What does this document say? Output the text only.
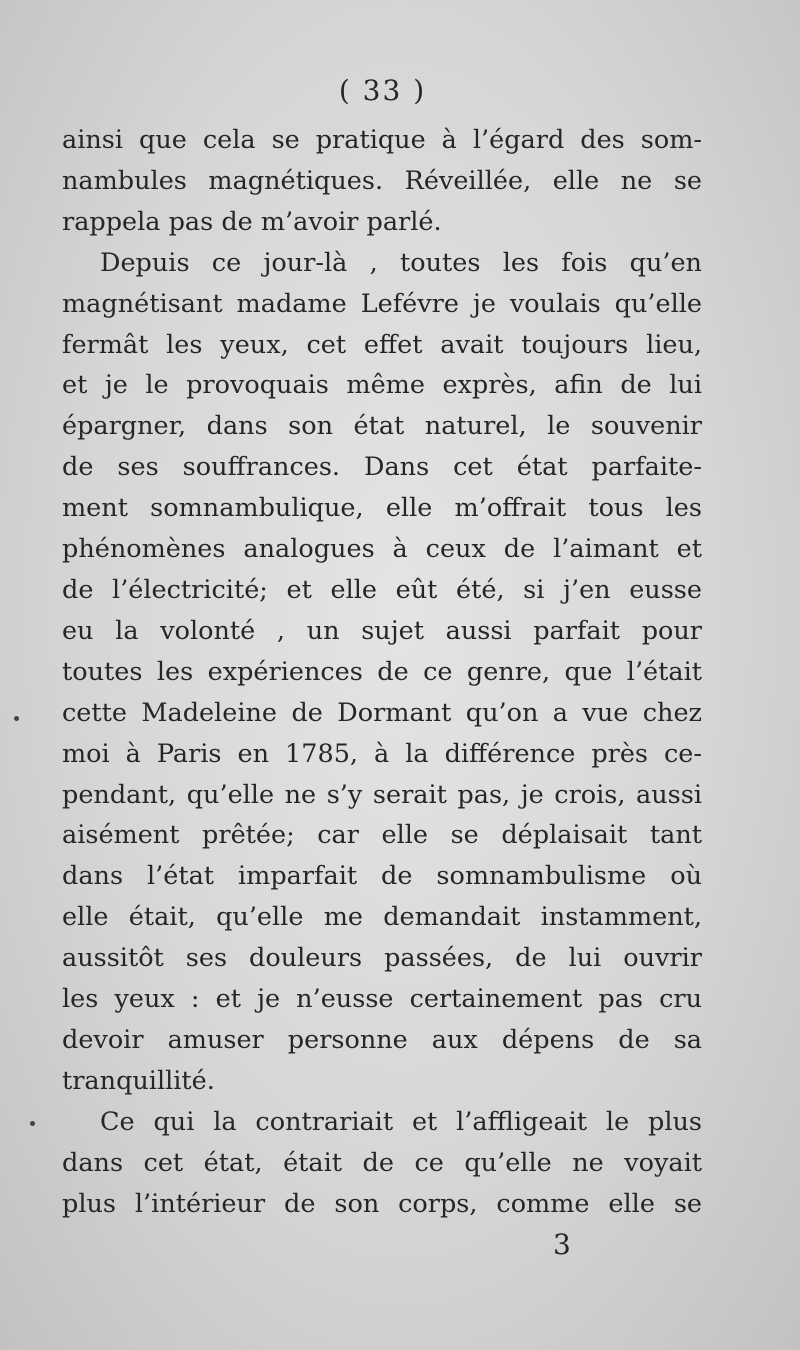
( 33 )
ainsi que cela se pratique à l’égard des som-
nambules magnétiques. Réveillée, elle ne se
rappela pas de m’avoir parlé.
Depuis ce jour-là , toutes les fois qu’en
magnétisant madame Lefévre je voulais qu’elle
fermât les yeux, cet effet avait toujours lieu,
et je le provoquais même exprès, afin de lui
épargner, dans son état naturel, le souvenir
de ses souffrances. Dans cet état parfaite-
ment somnambulique, elle m’offrait tous les
phénomènes analogues à ceux de l’aimant et
de l’électricité; et elle eût été, si j’en eusse
eu la volonté , un sujet aussi parfait pour
toutes les expériences de ce genre, que l’était
cette Madeleine de Dormant qu’on a vue chez
moi à Paris en 1785, à la différence près ce-
pendant, qu’elle ne s’y serait pas, je crois, aussi
aisément prêtée; car elle se déplaisait tant
dans l’état imparfait de somnambulisme où
elle était, qu’elle me demandait instamment,
aussitôt ses douleurs passées, de lui ouvrir
les yeux : et je n’eusse certainement pas cru
devoir amuser personne aux dépens de sa
tranquillité.
Ce qui la contrariait et l’affligeait le plus
dans cet état, était de ce qu’elle ne voyait
plus l’intérieur de son corps, comme elle se
3
